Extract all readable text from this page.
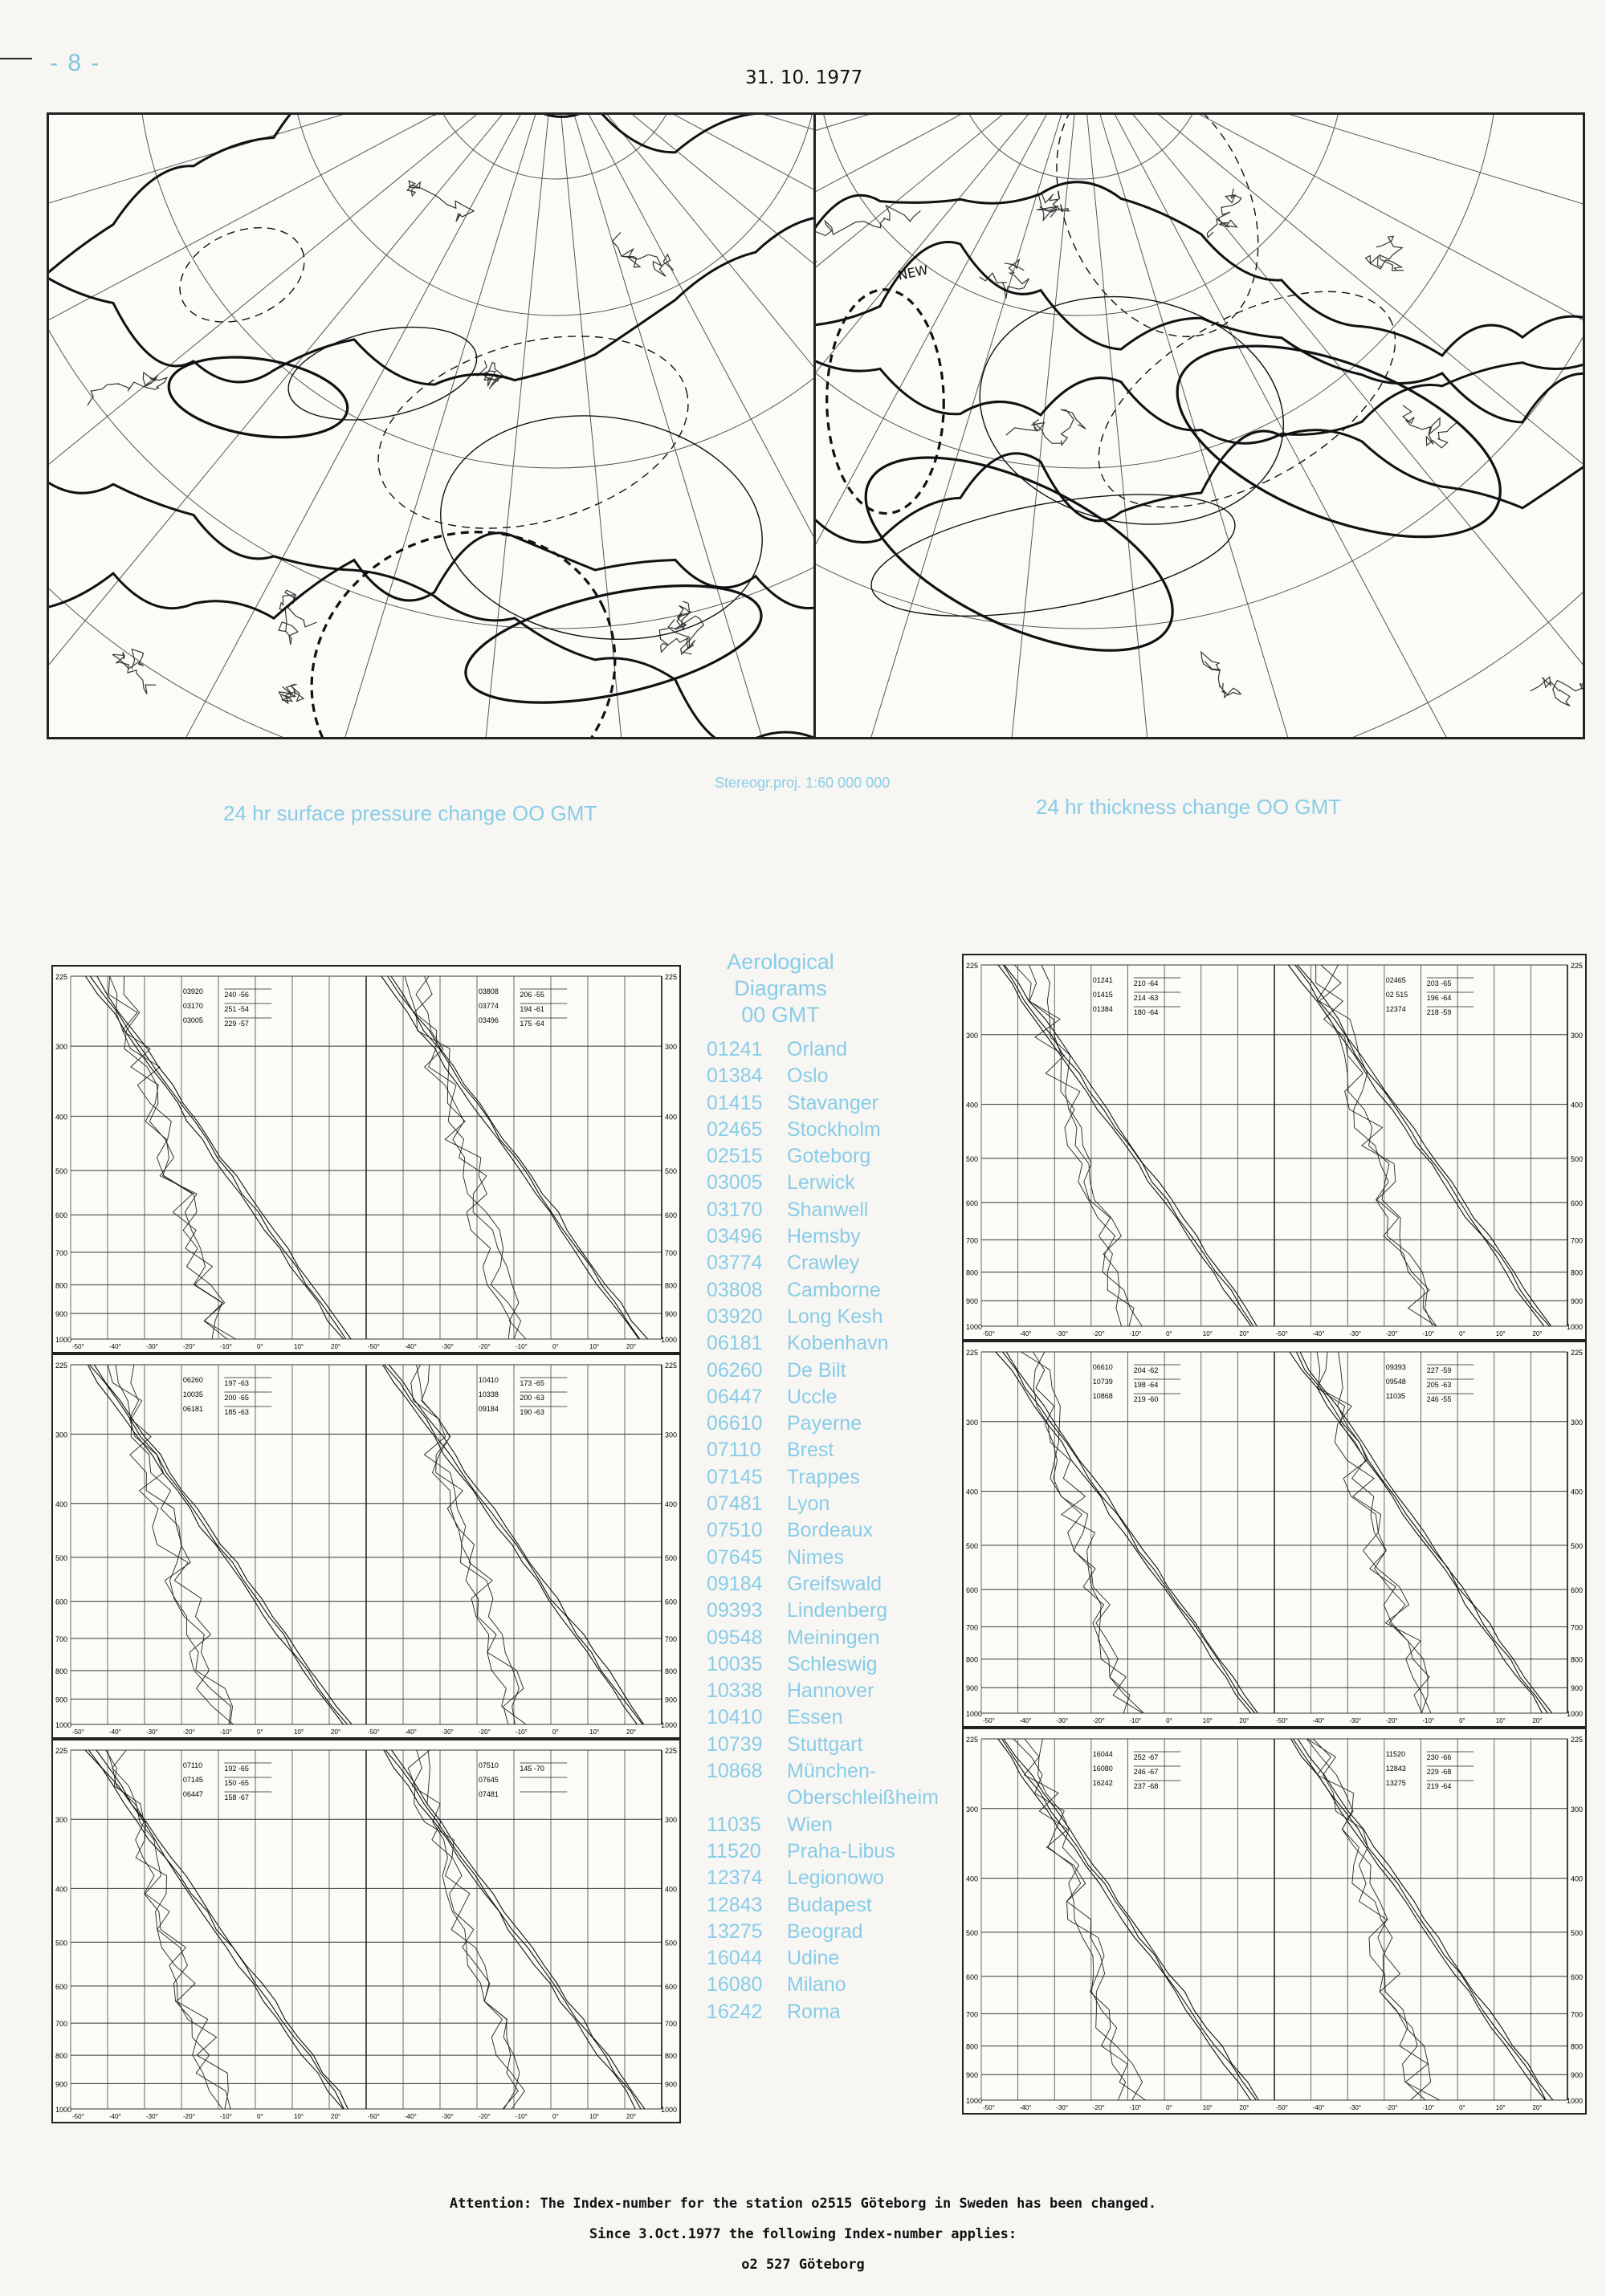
- 8 -
31. 10. 1977
NEW
24 hr surface pressure change OO GMT
Stereogr.proj. 1:60 000 000
24 hr thickness change OO GMT
225	225
300	300
400	400
500	500
600	600
700	700
800	800
900	900
1000	1000
-50°	-40°	-30°	-20°	-10°	0°	10°	20°	-50°	-40°	-30°	-20°	-10°	0°	10°	20°
03920	240 -56
03170	251 -54
03005	229 -57
03808	206 -55
03774	194 -61
03496	175 -64
225	225
300	300
400	400
500	500
600	600
700	700
800	800
900	900
1000	1000
-50°	-40°	-30°	-20°	-10°	0°	10°	20°	-50°	-40°	-30°	-20°	-10°	0°	10°	20°
06260	197 -63
10035	200 -65
06181	185 -63
10410	173 -65
10338	200 -63
09184	190 -63
225	225
300	300
400	400
500	500
600	600
700	700
800	800
900	900
1000	1000
-50°	-40°	-30°	-20°	-10°	0°	10°	20°	-50°	-40°	-30°	-20°	-10°	0°	10°	20°
07110	192 -65
07145	150 -65
06447	158 -67
07510	145 -70
07645
07481
225	225
300	300
400	400
500	500
600	600
700	700
800	800
900	900
1000	1000
-50°	-40°	-30°	-20°	-10°	0°	10°	20°	-50°	-40°	-30°	-20°	-10°	0°	10°	20°
01241	210 -64
01415	214 -63
01384	180 -64
02465	203 -65
02 515	196 -64
12374	218 -59
225	225
300	300
400	400
500	500
600	600
700	700
800	800
900	900
1000	1000
-50°	-40°	-30°	-20°	-10°	0°	10°	20°	-50°	-40°	-30°	-20°	-10°	0°	10°	20°
06610	204 -62
10739	198 -64
10868	219 -60
09393	227 -59
09548	205 -63
11035	246 -55
225	225
300	300
400	400
500	500
600	600
700	700
800	800
900	900
1000	1000
-50°	-40°	-30°	-20°	-10°	0°	10°	20°	-50°	-40°	-30°	-20°	-10°	0°	10°	20°
16044	252 -67
16080	246 -67
16242	237 -68
11520	230 -66
12843	229 -68
13275	219 -64
Aerological
Diagrams
00 GMT
01241	Orland
01384	Oslo
01415	Stavanger
02465	Stockholm
02515	Goteborg
03005	Lerwick
03170	Shanwell
03496	Hemsby
03774	Crawley
03808	Camborne
03920	Long Kesh
06181	Kobenhavn
06260	De Bilt
06447	Uccle
06610	Payerne
07110	Brest
07145	Trappes
07481	Lyon
07510	Bordeaux
07645	Nimes
09184	Greifswald
09393	Lindenberg
09548	Meiningen
10035	Schleswig
10338	Hannover
10410	Essen
10739	Stuttgart
10868	München-
Oberschleißheim
11035	Wien
11520	Praha-Libus
12374	Legionowo
12843	Budapest
13275	Beograd
16044	Udine
16080	Milano
16242	Roma
Attention: The Index-number for the station o2515 Göteborg in Sweden has been changed.
Since 3.Oct.1977 the following Index-number applies:
o2 527 Göteborg
